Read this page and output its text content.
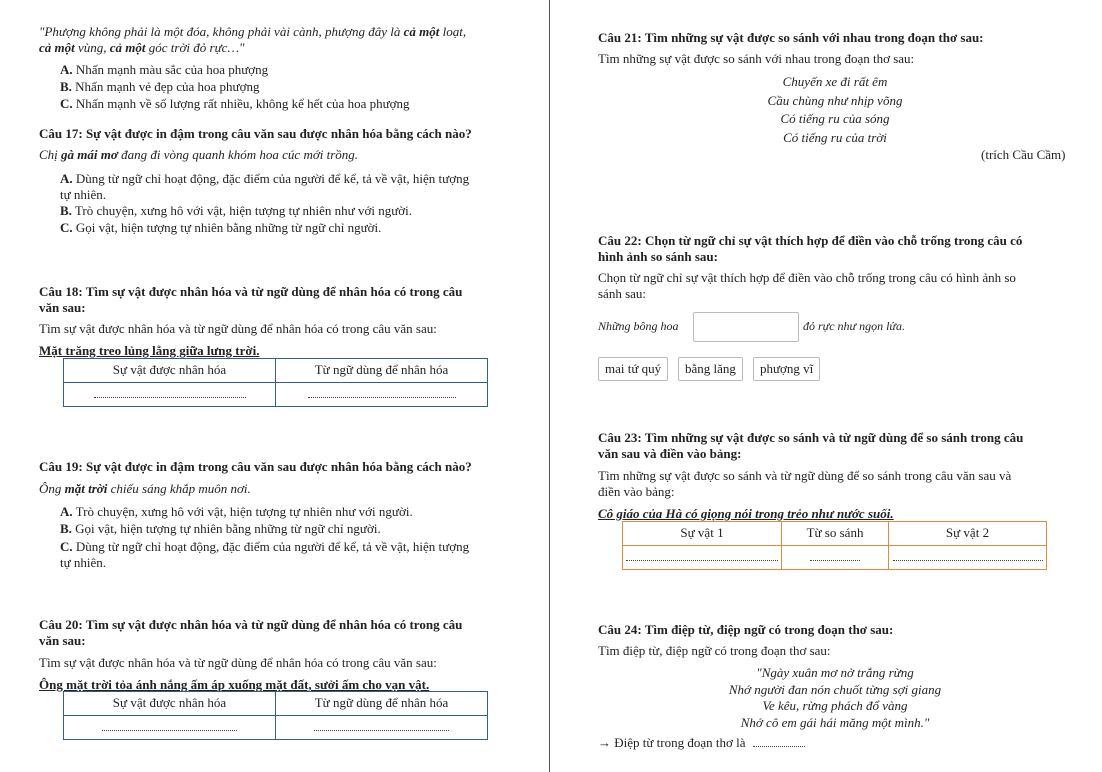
"Phượng không phải là một đóa, không phải vài cành, phượng đây là cả một loạt,
cả một vùng, cả một góc trời đỏ rực…"
A. Nhấn mạnh màu sắc của hoa phượng
B. Nhấn mạnh vẻ đẹp của hoa phượng
C. Nhấn mạnh về số lượng rất nhiều, không kể hết của hoa phượng
Câu 17: Sự vật được in đậm trong câu văn sau được nhân hóa bằng cách nào?
Chị gà mái mơ đang đi vòng quanh khóm hoa cúc mới trồng.
A. Dùng từ ngữ chỉ hoạt động, đặc điểm của người để kể, tả về vật, hiện tượng
tự nhiên.
B. Trò chuyện, xưng hô với vật, hiện tượng tự nhiên như với người.
C. Gọi vật, hiện tượng tự nhiên bằng những từ ngữ chỉ người.
Câu 18: Tìm sự vật được nhân hóa và từ ngữ dùng để nhân hóa có trong câu
văn sau:
Tìm sự vật được nhân hóa và từ ngữ dùng để nhân hóa có trong câu văn sau:
Mặt trăng treo lủng lẳng giữa lưng trời.
Sự vật được nhân hóa	Từ ngữ dùng để nhân hóa

Câu 19: Sự vật được in đậm trong câu văn sau được nhân hóa bằng cách nào?
Ông mặt trời chiếu sáng khắp muôn nơi.
A. Trò chuyện, xưng hô với vật, hiện tượng tự nhiên như với người.
B. Gọi vật, hiện tượng tự nhiên bằng những từ ngữ chỉ người.
C. Dùng từ ngữ chỉ hoạt động, đặc điểm của người để kể, tả về vật, hiện tượng
tự nhiên.
Câu 20: Tìm sự vật được nhân hóa và từ ngữ dùng để nhân hóa có trong câu
văn sau:
Tìm sự vật được nhân hóa và từ ngữ dùng để nhân hóa có trong câu văn sau:
Ông mặt trời tỏa ánh nắng ấm áp xuống mặt đất, sưởi ấm cho vạn vật.
Sự vật được nhân hóa	Từ ngữ dùng để nhân hóa

Câu 21: Tìm những sự vật được so sánh với nhau trong đoạn thơ sau:
Tìm những sự vật được so sánh với nhau trong đoạn thơ sau:
Chuyến xe đi rất êm
Cầu chùng như nhịp võng
Có tiếng ru của sóng
Có tiếng ru của trời
(trích Cầu Cầm)
Câu 22: Chọn từ ngữ chỉ sự vật thích hợp để điền vào chỗ trống trong câu có
hình ảnh so sánh sau:
Chọn từ ngữ chỉ sự vật thích hợp để điền vào chỗ trống trong câu có hình ảnh so
sánh sau:
Những bông hoa	đỏ rực như ngọn lửa.
mai tứ quý	bằng lăng	phượng vĩ
Câu 23: Tìm những sự vật được so sánh và từ ngữ dùng để so sánh trong câu
văn sau và điền vào bảng:
Tìm những sự vật được so sánh và từ ngữ dùng để so sánh trong câu văn sau và
điền vào bảng:
Cô giáo của Hà có giọng nói trong trẻo như nước suối.
Sự vật 1	Từ so sánh	Sự vật 2

Câu 24: Tìm điệp từ, điệp ngữ có trong đoạn thơ sau:
Tìm điệp từ, điệp ngữ có trong đoạn thơ sau:
"Ngày xuân mơ nở trắng rừng
Nhớ người đan nón chuốt từng sợi giang
Ve kêu, rừng phách đổ vàng
Nhớ cô em gái hái măng một mình."
→ Điệp từ trong đoạn thơ là
